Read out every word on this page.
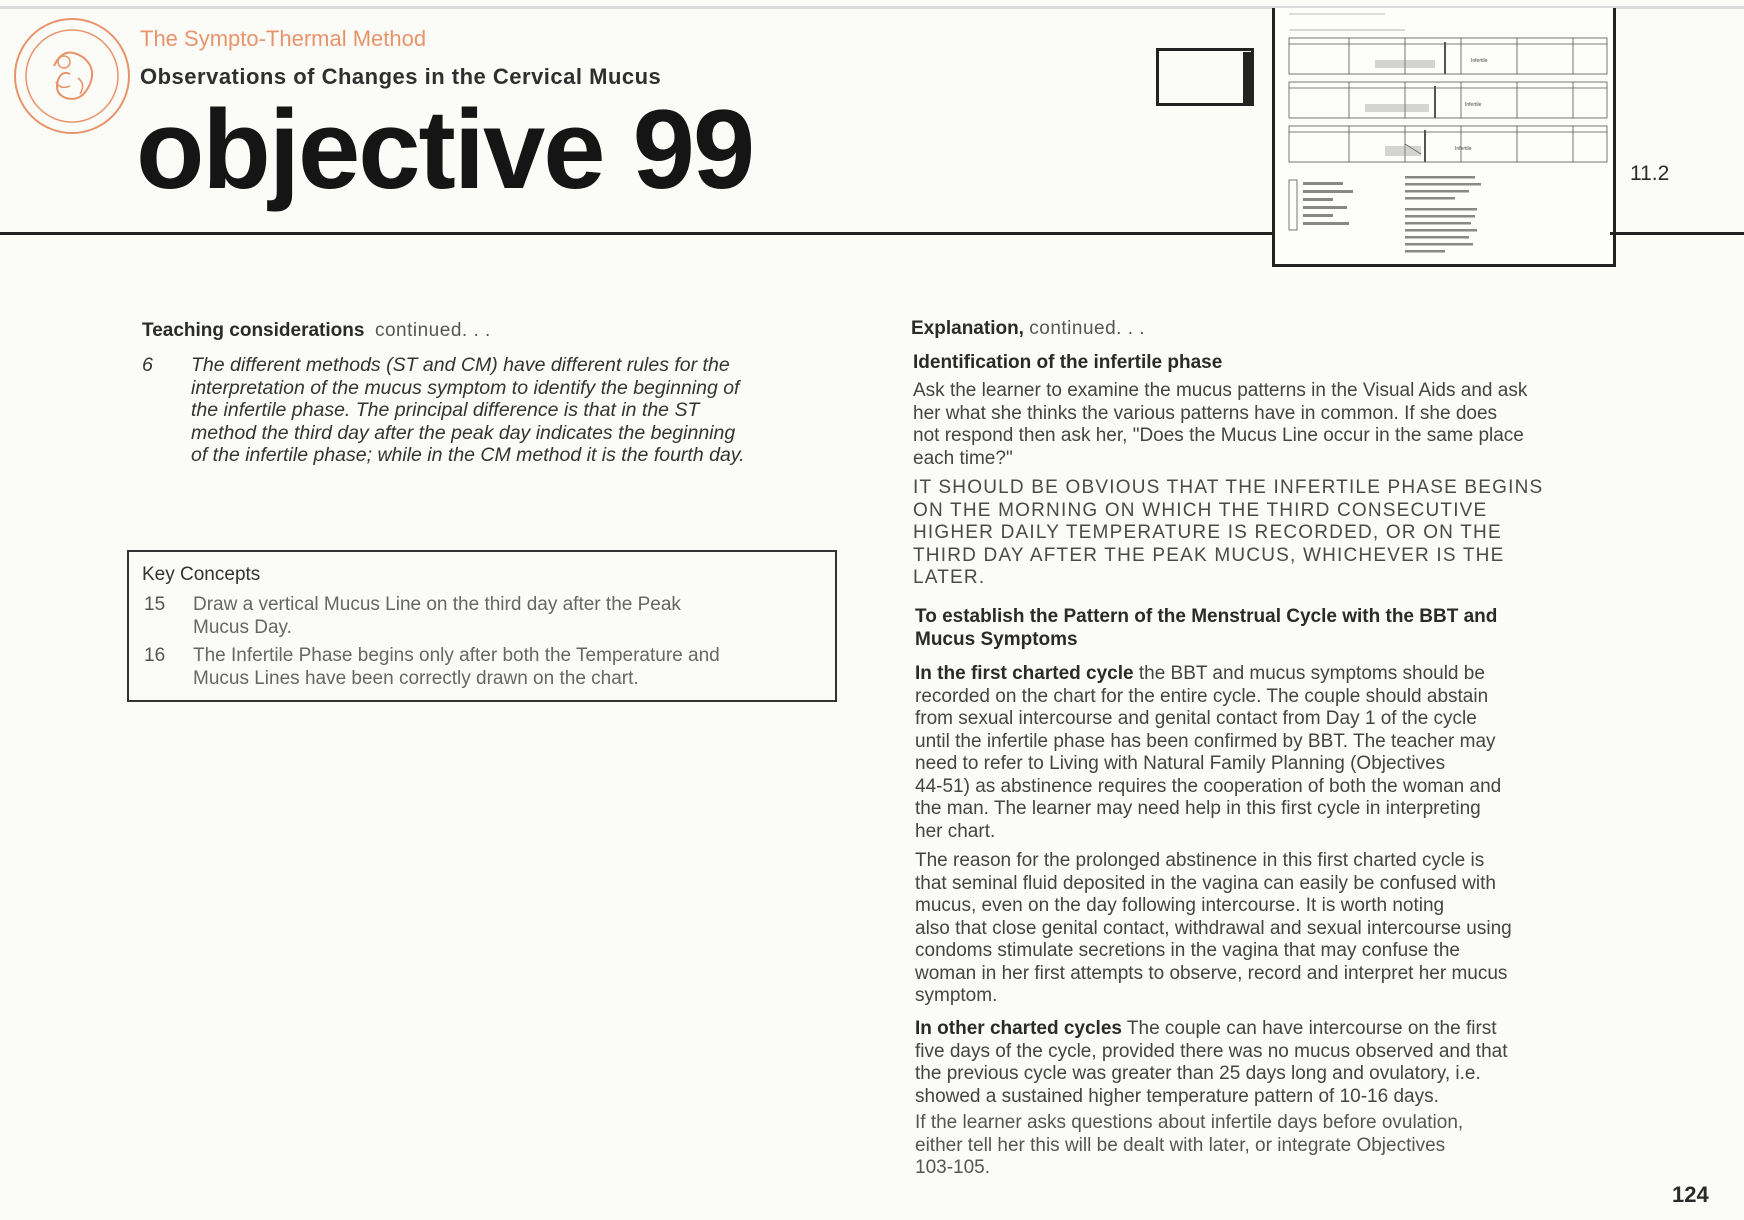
The Sympto-Thermal Method
Observations of Changes in the Cervical Mucus
objective 99
Infertile
Infertile
Infertile
11.2
Teaching considerations continued. . .
6 The different methods (ST and CM) have different rules for the
interpretation of the mucus symptom to identify the beginning of
the infertile phase. The principal difference is that in the ST
method the third day after the peak day indicates the beginning
of the infertile phase; while in the CM method it is the fourth day.
Key Concepts
15 Draw a vertical Mucus Line on the third day after the Peak
Mucus Day.
16 The Infertile Phase begins only after both the Temperature and
Mucus Lines have been correctly drawn on the chart.
Explanation, continued. . .
Identification of the infertile phase
Ask the learner to examine the mucus patterns in the Visual Aids and ask
her what she thinks the various patterns have in common. If she does
not respond then ask her, "Does the Mucus Line occur in the same place
each time?"
IT SHOULD BE OBVIOUS THAT THE INFERTILE PHASE BEGINS
ON THE MORNING ON WHICH THE THIRD CONSECUTIVE
HIGHER DAILY TEMPERATURE IS RECORDED, OR ON THE
THIRD DAY AFTER THE PEAK MUCUS, WHICHEVER IS THE
LATER.
To establish the Pattern of the Menstrual Cycle with the BBT and
Mucus Symptoms
In the first charted cycle the BBT and mucus symptoms should be
recorded on the chart for the entire cycle. The couple should abstain
from sexual intercourse and genital contact from Day 1 of the cycle
until the infertile phase has been confirmed by BBT. The teacher may
need to refer to Living with Natural Family Planning (Objectives
44-51) as abstinence requires the cooperation of both the woman and
the man. The learner may need help in this first cycle in interpreting
her chart.
The reason for the prolonged abstinence in this first charted cycle is
that seminal fluid deposited in the vagina can easily be confused with
mucus, even on the day following intercourse. It is worth noting
also that close genital contact, withdrawal and sexual intercourse using
condoms stimulate secretions in the vagina that may confuse the
woman in her first attempts to observe, record and interpret her mucus
symptom.
In other charted cycles The couple can have intercourse on the first
five days of the cycle, provided there was no mucus observed and that
the previous cycle was greater than 25 days long and ovulatory, i.e.
showed a sustained higher temperature pattern of 10-16 days.
If the learner asks questions about infertile days before ovulation,
either tell her this will be dealt with later, or integrate Objectives
103-105.
124
